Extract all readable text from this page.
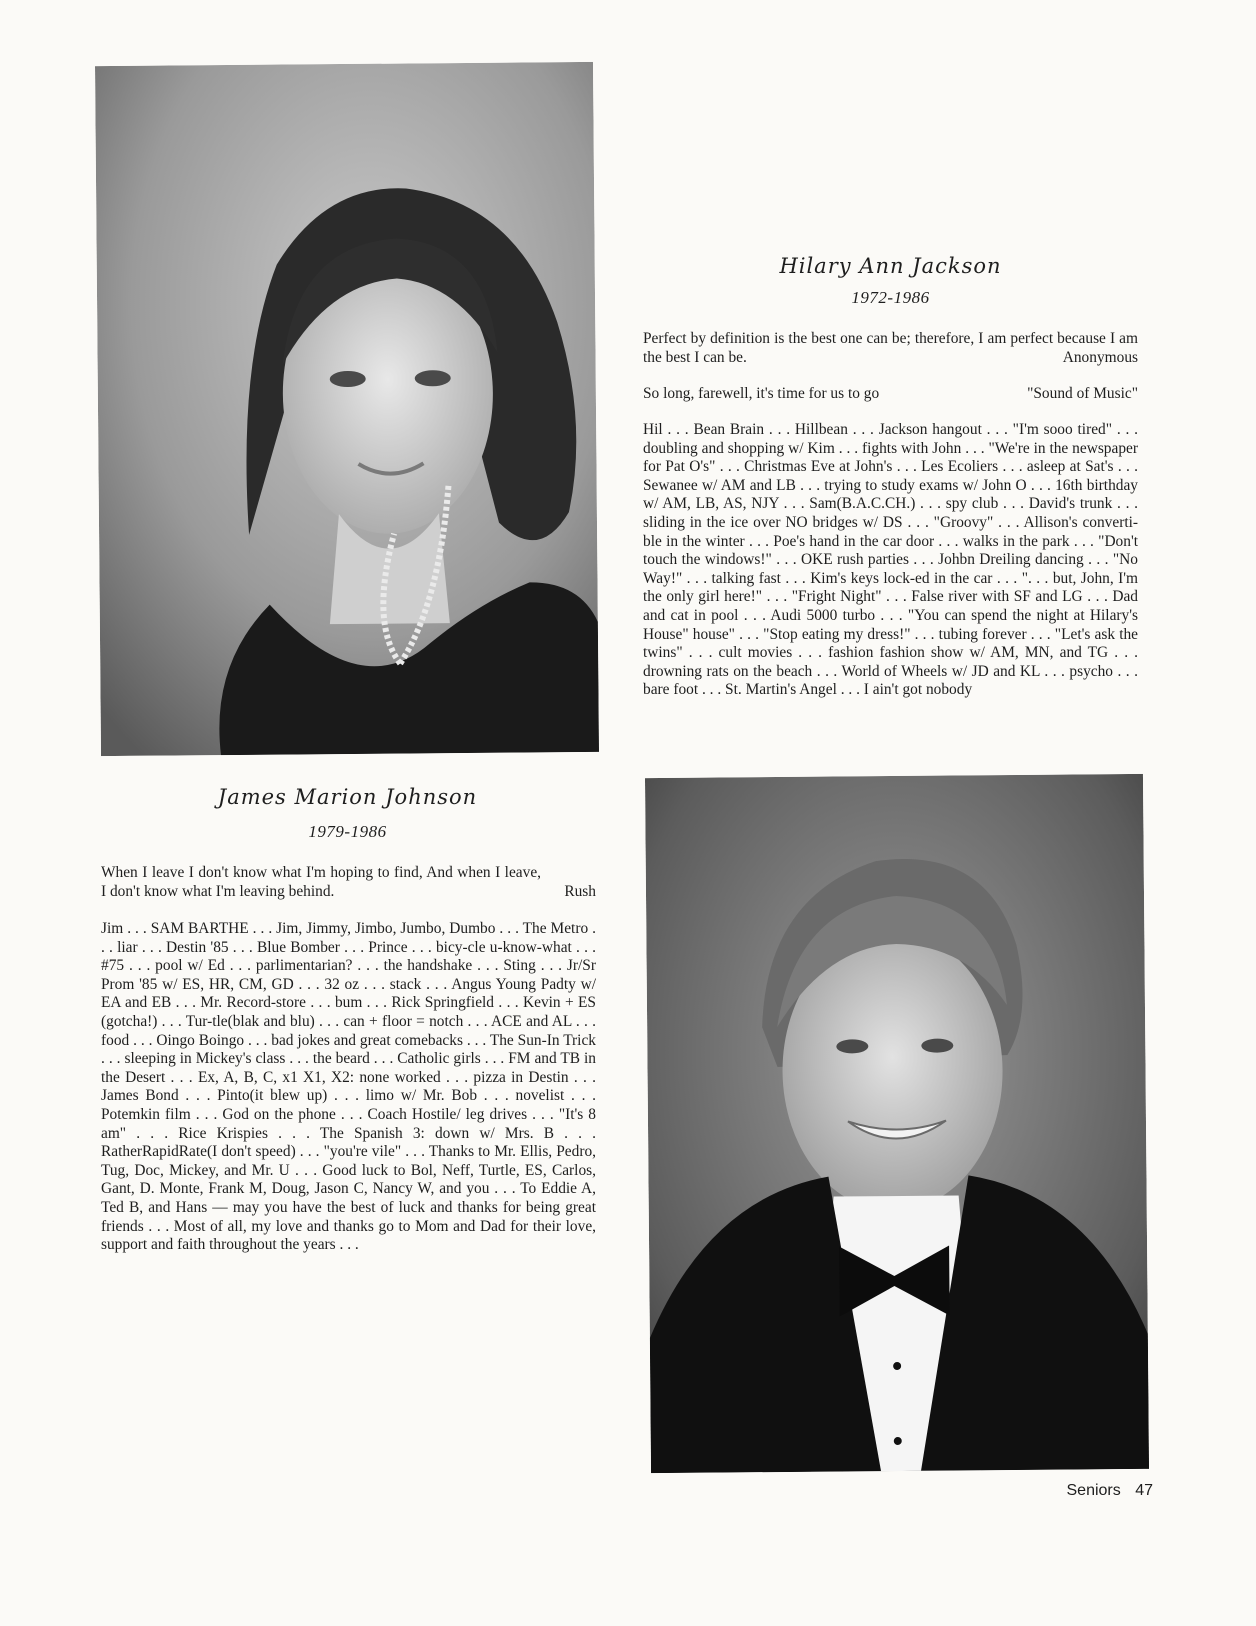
Hilary Ann Jackson
1972-1986
Perfect by definition is the best one can be; therefore, I am perfect because I am the best I can be.	Anonymous
So long, farewell, it's time for us to go	"Sound of Music"
Hil . . . Bean Brain . . . Hillbean . . . Jackson hangout . . . "I'm sooo tired" . . . doubling and shopping w/ Kim . . . fights with John . . . "We're in the newspaper for Pat O's" . . . Christmas Eve at John's . . . Les Ecoliers . . . asleep at Sat's . . . Sewanee w/ AM and LB . . . trying to study exams w/ John O . . . 16th birthday w/ AM, LB, AS, NJY . . . Sam(B.A.C.CH.) . . . spy club . . . David's trunk . . . sliding in the ice over NO bridges w/ DS . . . "Groovy" . . . Allison's converti-ble in the winter . . . Poe's hand in the car door . . . walks in the park . . . "Don't touch the windows!" . . . OKE rush parties . . . Johbn Dreiling dancing . . . "No Way!" . . . talking fast . . . Kim's keys lock-ed in the car . . . ". . . but, John, I'm the only girl here!" . . . "Fright Night" . . . False river with SF and LG . . . Dad and cat in pool . . . Audi 5000 turbo . . . "You can spend the night at Hilary's House" house" . . . "Stop eating my dress!" . . . tubing forever . . . "Let's ask the twins" . . . cult movies . . . fashion fashion show w/ AM, MN, and TG . . . drowning rats on the beach . . . World of Wheels w/ JD and KL . . . psycho . . . bare foot . . . St. Martin's Angel . . . I ain't got nobody
James Marion Johnson
1979-1986
When I leave I don't know what I'm hoping to find, And when I leave, I don't know what I'm leaving behind.	Rush
Jim . . . SAM BARTHE . . . Jim, Jimmy, Jimbo, Jumbo, Dumbo . . . The Metro . . . liar . . . Destin '85 . . . Blue Bomber . . . Prince . . . bicy-cle u-know-what . . . #75 . . . pool w/ Ed . . . parlimentarian? . . . the handshake . . . Sting . . . Jr/Sr Prom '85 w/ ES, HR, CM, GD . . . 32 oz . . . stack . . . Angus Young Padty w/ EA and EB . . . Mr. Record-store . . . bum . . . Rick Springfield . . . Kevin + ES (gotcha!) . . . Tur-tle(blak and blu) . . . can + floor = notch . . . ACE and AL . . . food . . . Oingo Boingo . . . bad jokes and great comebacks . . . The Sun-In Trick . . . sleeping in Mickey's class . . . the beard . . . Catholic girls . . . FM and TB in the Desert . . . Ex, A, B, C, x1 X1, X2: none worked . . . pizza in Destin . . . James Bond . . . Pinto(it blew up) . . . limo w/ Mr. Bob . . . novelist . . . Potemkin film . . . God on the phone . . . Coach Hostile/ leg drives . . . "It's 8 am" . . . Rice Krispies . . . The Spanish 3: down w/ Mrs. B . . . RatherRapidRate(I don't speed) . . . "you're vile" . . . Thanks to Mr. Ellis, Pedro, Tug, Doc, Mickey, and Mr. U . . . Good luck to Bol, Neff, Turtle, ES, Carlos, Gant, D. Monte, Frank M, Doug, Jason C, Nancy W, and you . . . To Eddie A, Ted B, and Hans — may you have the best of luck and thanks for being great friends . . . Most of all, my love and thanks go to Mom and Dad for their love, support and faith throughout the years . . .
Seniors 47
